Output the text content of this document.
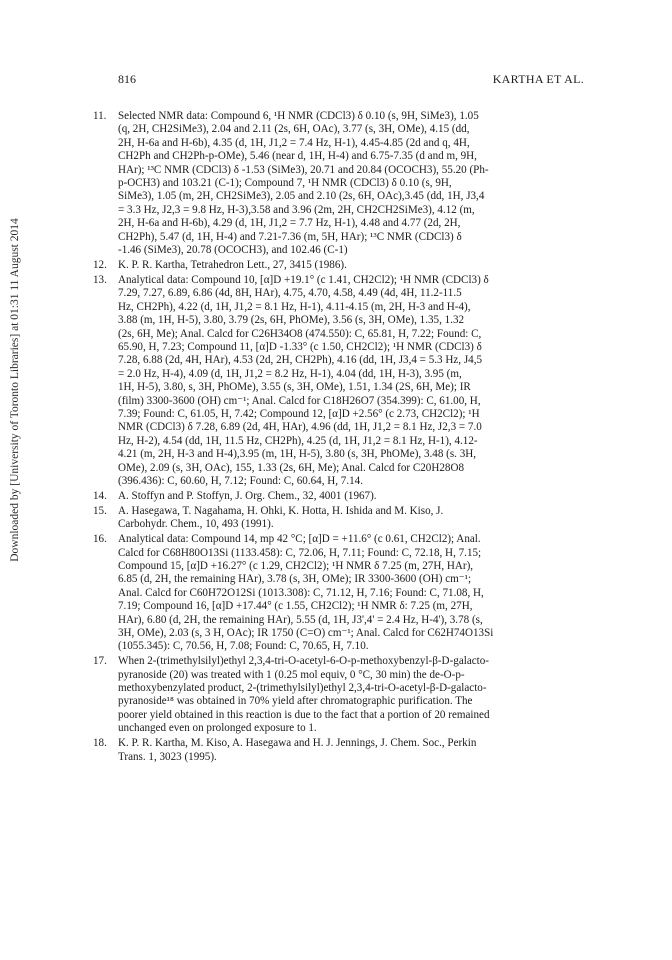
Downloaded by [University of Toronto Libraries] at 01:31 11 August 2014
816	KARTHA ET AL.
11.	Selected NMR data: Compound 6, ¹H NMR (CDCl3) δ 0.10 (s, 9H, SiMe3), 1.05
(q, 2H, CH2SiMe3), 2.04 and 2.11 (2s, 6H, OAc), 3.77 (s, 3H, OMe), 4.15 (dd,
2H, H-6a and H-6b), 4.35 (d, 1H, J1,2 = 7.4 Hz, H-1), 4.45-4.85 (2d and q, 4H,
CH2Ph and CH2Ph-p-OMe), 5.46 (near d, 1H, H-4) and 6.75-7.35 (d and m, 9H,
HAr); ¹³C NMR (CDCl3) δ -1.53 (SiMe3), 20.71 and 20.84 (OCOCH3), 55.20 (Ph-
p-OCH3) and 103.21 (C-1); Compound 7, ¹H NMR (CDCl3) δ 0.10 (s, 9H,
SiMe3), 1.05 (m, 2H, CH2SiMe3), 2.05 and 2.10 (2s, 6H, OAc),3.45 (dd, 1H, J3,4
= 3.3 Hz, J2,3 = 9.8 Hz, H-3),3.58 and 3.96 (2m, 2H, CH2CH2SiMe3), 4.12 (m,
2H, H-6a and H-6b), 4.29 (d, 1H, J1,2 = 7.7 Hz, H-1), 4.48 and 4.77 (2d, 2H,
CH2Ph), 5.47 (d, 1H, H-4) and 7.21-7.36 (m, 5H, HAr); ¹³C NMR (CDCl3) δ
-1.46 (SiMe3), 20.78 (OCOCH3), and 102.46 (C-1)
12.	K. P. R. Kartha, Tetrahedron Lett., 27, 3415 (1986).
13.	Analytical data: Compound 10, [α]D +19.1° (c 1.41, CH2Cl2); ¹H NMR (CDCl3) δ
7.29, 7.27, 6.89, 6.86 (4d, 8H, HAr), 4.75, 4.70, 4.58, 4.49 (4d, 4H, 11.2-11.5
Hz, CH2Ph), 4.22 (d, 1H, J1,2 = 8.1 Hz, H-1), 4.11-4.15 (m, 2H, H-3 and H-4),
3.88 (m, 1H, H-5), 3.80, 3.79 (2s, 6H, PhOMe), 3.56 (s, 3H, OMe), 1.35, 1.32
(2s, 6H, Me); Anal. Calcd for C26H34O8 (474.550): C, 65.81, H, 7.22; Found: C,
65.90, H, 7.23; Compound 11, [α]D -1.33° (c 1.50, CH2Cl2); ¹H NMR (CDCl3) δ
7.28, 6.88 (2d, 4H, HAr), 4.53 (2d, 2H, CH2Ph), 4.16 (dd, 1H, J3,4 = 5.3 Hz, J4,5
= 2.0 Hz, H-4), 4.09 (d, 1H, J1,2 = 8.2 Hz, H-1), 4.04 (dd, 1H, H-3), 3.95 (m,
1H, H-5), 3.80, s, 3H, PhOMe), 3.55 (s, 3H, OMe), 1.51, 1.34 (2S, 6H, Me); IR
(film) 3300-3600 (OH) cm⁻¹; Anal. Calcd for C18H26O7 (354.399): C, 61.00, H,
7.39; Found: C, 61.05, H, 7.42; Compound 12, [α]D +2.56° (c 2.73, CH2Cl2); ¹H
NMR (CDCl3) δ 7.28, 6.89 (2d, 4H, HAr), 4.96 (dd, 1H, J1,2 = 8.1 Hz, J2,3 = 7.0
Hz, H-2), 4.54 (dd, 1H, 11.5 Hz, CH2Ph), 4.25 (d, 1H, J1,2 = 8.1 Hz, H-1), 4.12-
4.21 (m, 2H, H-3 and H-4),3.95 (m, 1H, H-5), 3.80 (s, 3H, PhOMe), 3.48 (s. 3H,
OMe), 2.09 (s, 3H, OAc), 155, 1.33 (2s, 6H, Me); Anal. Calcd for C20H28O8
(396.436): C, 60.60, H, 7.12; Found: C, 60.64, H, 7.14.
14.	A. Stoffyn and P. Stoffyn, J. Org. Chem., 32, 4001 (1967).
15.	A. Hasegawa, T. Nagahama, H. Ohki, K. Hotta, H. Ishida and M. Kiso, J.
Carbohydr. Chem., 10, 493 (1991).
16.	Analytical data: Compound 14, mp 42 °C; [α]D = +11.6° (c 0.61, CH2Cl2); Anal.
Calcd for C68H80O13Si (1133.458): C, 72.06, H, 7.11; Found: C, 72.18, H, 7.15;
Compound 15, [α]D +16.27° (c 1.29, CH2Cl2); ¹H NMR δ 7.25 (m, 27H, HAr),
6.85 (d, 2H, the remaining HAr), 3.78 (s, 3H, OMe); IR 3300-3600 (OH) cm⁻¹;
Anal. Calcd for C60H72O12Si (1013.308): C, 71.12, H, 7.16; Found: C, 71.08, H,
7.19; Compound 16, [α]D +17.44° (c 1.55, CH2Cl2); ¹H NMR δ: 7.25 (m, 27H,
HAr), 6.80 (d, 2H, the remaining HAr), 5.55 (d, 1H, J3',4' = 2.4 Hz, H-4'), 3.78 (s,
3H, OMe), 2.03 (s, 3 H, OAc); IR 1750 (C=O) cm⁻¹; Anal. Calcd for C62H74O13Si
(1055.345): C, 70.56, H, 7.08; Found: C, 70.65, H, 7.10.
17.	When 2-(trimethylsilyl)ethyl 2,3,4-tri-O-acetyl-6-O-p-methoxybenzyl-β-D-galacto-
pyranoside (20) was treated with 1 (0.25 mol equiv, 0 °C, 30 min) the de-O-p-
methoxybenzylated product, 2-(trimethylsilyl)ethyl 2,3,4-tri-O-acetyl-β-D-galacto-
pyranoside¹⁸ was obtained in 70% yield after chromatographic purification. The
poorer yield obtained in this reaction is due to the fact that a portion of 20 remained
unchanged even on prolonged exposure to 1.
18.	K. P. R. Kartha, M. Kiso, A. Hasegawa and H. J. Jennings, J. Chem. Soc., Perkin
Trans. 1, 3023 (1995).
